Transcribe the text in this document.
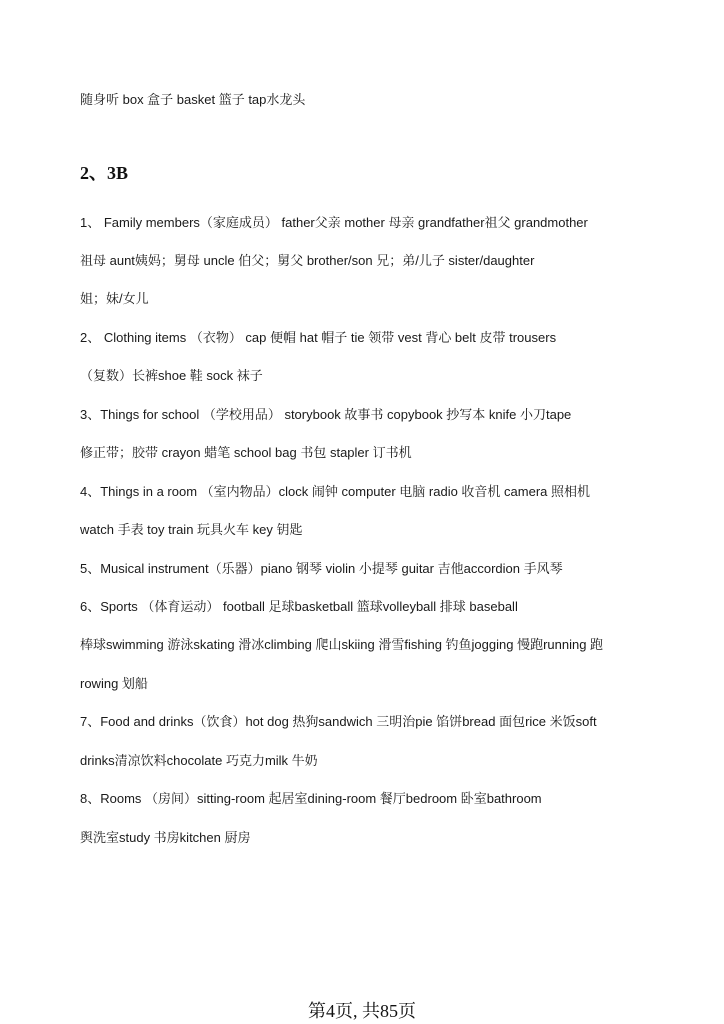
随身听 box 盒子 basket 篮子 tap水龙头
2、3B
1、 Family members（家庭成员） father父亲 mother 母亲 grandfather祖父 grandmother
祖母 aunt姨妈；舅母 uncle 伯父；舅父 brother/son 兄；弟/儿子 sister/daughter
姐；妹/女儿
2、 Clothing items （衣物） cap 便帽 hat 帽子 tie 领带 vest 背心 belt 皮带 trousers
（复数）长裤shoe 鞋 sock 袜子
3、Things for school （学校用品） storybook 故事书 copybook 抄写本 knife 小刀tape
修正带；胶带 crayon 蜡笔 school bag 书包 stapler 订书机
4、Things in a room （室内物品）clock 闹钟 computer 电脑 radio 收音机 camera 照相机
watch 手表 toy train 玩具火车 key 钥匙
5、Musical instrument（乐器）piano 钢琴 violin 小提琴 guitar 吉他accordion 手风琴
6、Sports （体育运动） football 足球basketball 篮球volleyball 排球 baseball
棒球swimming 游泳skating 滑冰climbing 爬山skiing 滑雪fishing 钓鱼jogging 慢跑running 跑
rowing 划船
7、Food and drinks（饮食）hot dog 热狗sandwich 三明治pie 馅饼bread 面包rice 米饭soft
drinks清凉饮料chocolate 巧克力milk 牛奶
8、Rooms （房间）sitting-room 起居室dining-room 餐厅bedroom 卧室bathroom
舆洗室study 书房kitchen 厨房
第4页, 共85页
